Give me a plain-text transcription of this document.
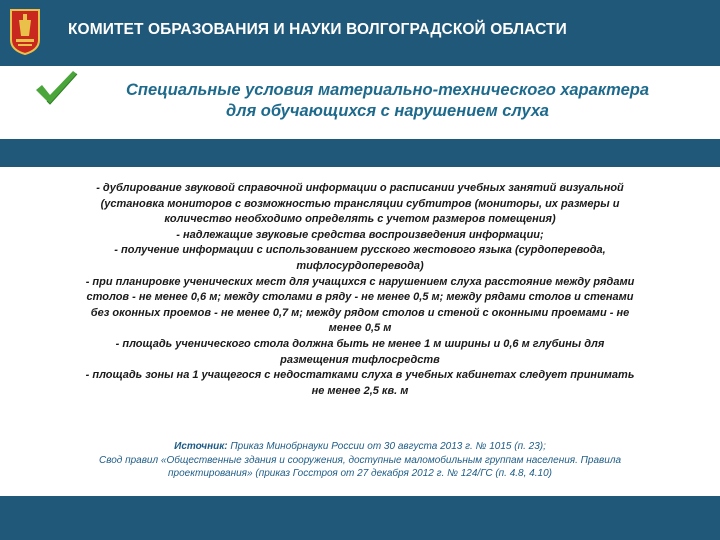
КОМИТЕТ ОБРАЗОВАНИЯ И НАУКИ ВОЛГОГРАДСКОЙ ОБЛАСТИ
Специальные условия материально-технического характера
для обучающихся с нарушением слуха
- дублирование звуковой справочной информации о расписании учебных занятий визуальной
(установка мониторов с возможностью трансляции субтитров (мониторы, их размеры и
количество необходимо определять с учетом размеров помещения)
- надлежащие звуковые средства воспроизведения информации;
- получение информации с использованием русского жестового языка (сурдоперевода,
тифлосурдоперевода)
- при планировке ученических мест для учащихся с нарушением слуха расстояние между рядами
столов - не менее 0,6 м; между столами в ряду - не менее 0,5 м; между рядами столов и стенами
без оконных проемов - не менее 0,7 м; между рядом столов и стеной с оконными проемами - не
менее 0,5 м
- площадь ученического стола должна быть не менее 1 м ширины и 0,6 м глубины для
размещения тифлосредств
- площадь зоны на 1 учащегося с недостатками слуха в учебных кабинетах следует принимать
не менее 2,5 кв. м
Источник: Приказ Минобрнауки России от 30 августа 2013 г. № 1015 (п. 23);
Свод правил «Общественные здания и сооружения, доступные маломобильным группам населения. Правила
проектирования» (приказ Госстроя от 27 декабря 2012 г. № 124/ГС (п. 4.8, 4.10)
